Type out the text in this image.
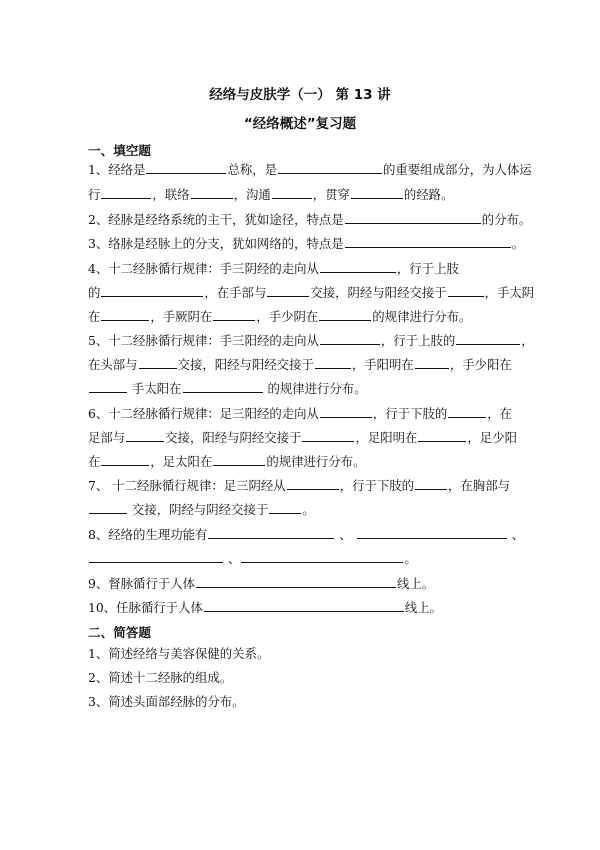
经络与皮肤学（一） 第 13 讲
“经络概述”复习题
一、填空题
1、经络是	总称，是	的重要组成部分，为人体运
行	，联络	，沟通	，贯穿	的经路。
2、经脉是经络系统的主干，犹如途径，特点是	的分布。
3、络脉是经脉上的分支，犹如网络的，特点是	。
4、十二经脉循行规律：手三阴经的走向从	，行于上肢
的	，在手部与	交接，阴经与阳经交接于	，手太阴
在	，手厥阴在	，手少阴在	的规律进行分布。
5、十二经脉循行规律：手三阳经的走向从	，行于上肢的	，
在头部与	交接，阳经与阳经交接于	，手阳明在	，手少阳在
手太阳在	的规律进行分布。
6、十二经脉循行规律：足三阳经的走向从	，行于下肢的	，在
足部与	交接，阳经与阴经交接于	，足阳明在	，足少阳
在	，足太阳在	的规律进行分布。
7、 十二经脉循行规律：足三阴经从	，行于下肢的	，在胸部与
交接，阴经与阴经交接于	。
8、经络的生理功能有	、	、
、	。
9、督脉循行于人体	线上。
10、任脉循行于人体	线上。
二、简答题
1、简述经络与美容保健的关系。
2、简述十二经脉的组成。
3、简述头面部经脉的分布。
